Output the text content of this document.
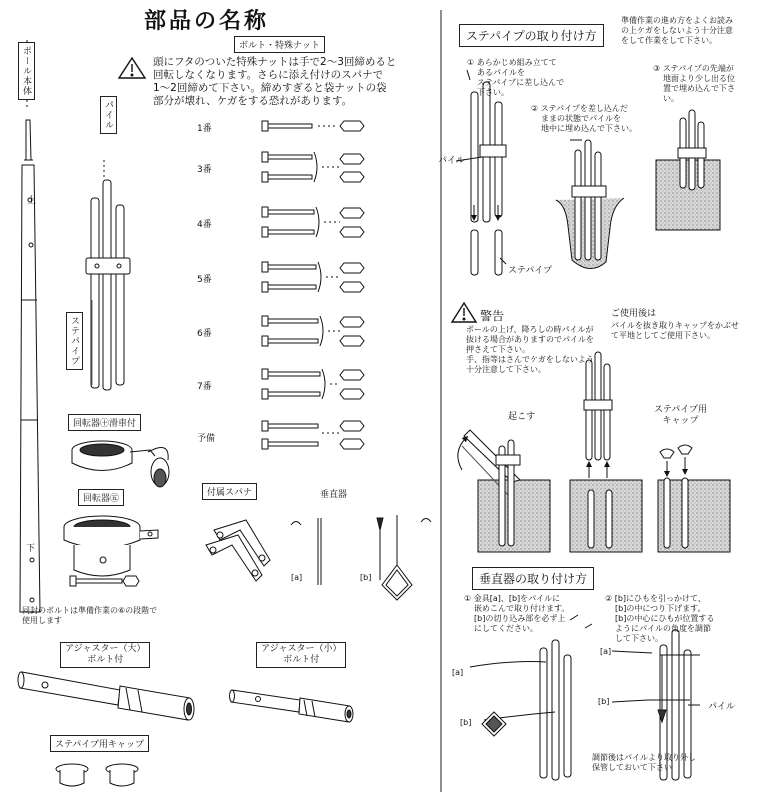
部品の名称
ボルト・特殊ナット
頭にフタのついた特殊ナットは手で2〜3回締めると
回転しなくなります。さらに添え付けのスパナで
1〜2回締めて下さい。締めすぎると袋ナットの袋
部分が壊れ、ケガをする恐れがあります。
ポール本体
パイル
ステパイプ
上
下
1番
3番
4番
5番
6番
7番
予備
回転器㊉滑車付
回転器㊄
同封のボルトは準備作業の⑥の段階で
使用します
付属スパナ	垂直器
[a]	[b]
アジャスター（大）
ボルト付
アジャスター（小）
ボルト付
ステパイプ用キャップ
ステパイプの取り付け方
準備作業の進め方をよくお読み
の上ケガをしないよう十分注意
をして作業をして下さい。
① あらかじめ組み立てて
あるパイルを
ステパイプに差し込んで
下さい。
② ステパイプを差し込んだ
ままの状態でパイルを
地中に埋め込んで下さい。
③ ステパイプの先端が
地面より少し出る位
置で埋め込んで下さ
い。
パイル
ステパイプ
警告
ポールの上げ、降ろしの時パイルが
抜ける場合がありますのでパイルを
押さえて下さい。
手、指等はさんでケガをしないよう
十分注意して下さい。
ご使用後は
パイルを抜き取りキャップをかぶせ
て平地としてご使用下さい。
起こす
ステパイプ用
キャップ
垂直器の取り付け方
① 金具[a]、[b]をパイルに
嵌めこんで取り付けます。
[b]の切り込み部を必ず上
にしてください。
② [b]にひもを引っかけて、
[b]の中につり下げます。
[b]の中心にひもが位置する
ようにパイルの角度を調節
して下さい。
[a]
[b]
[a]
[b]
パイル
調節後はパイルより取り外し
保管しておいて下さい
